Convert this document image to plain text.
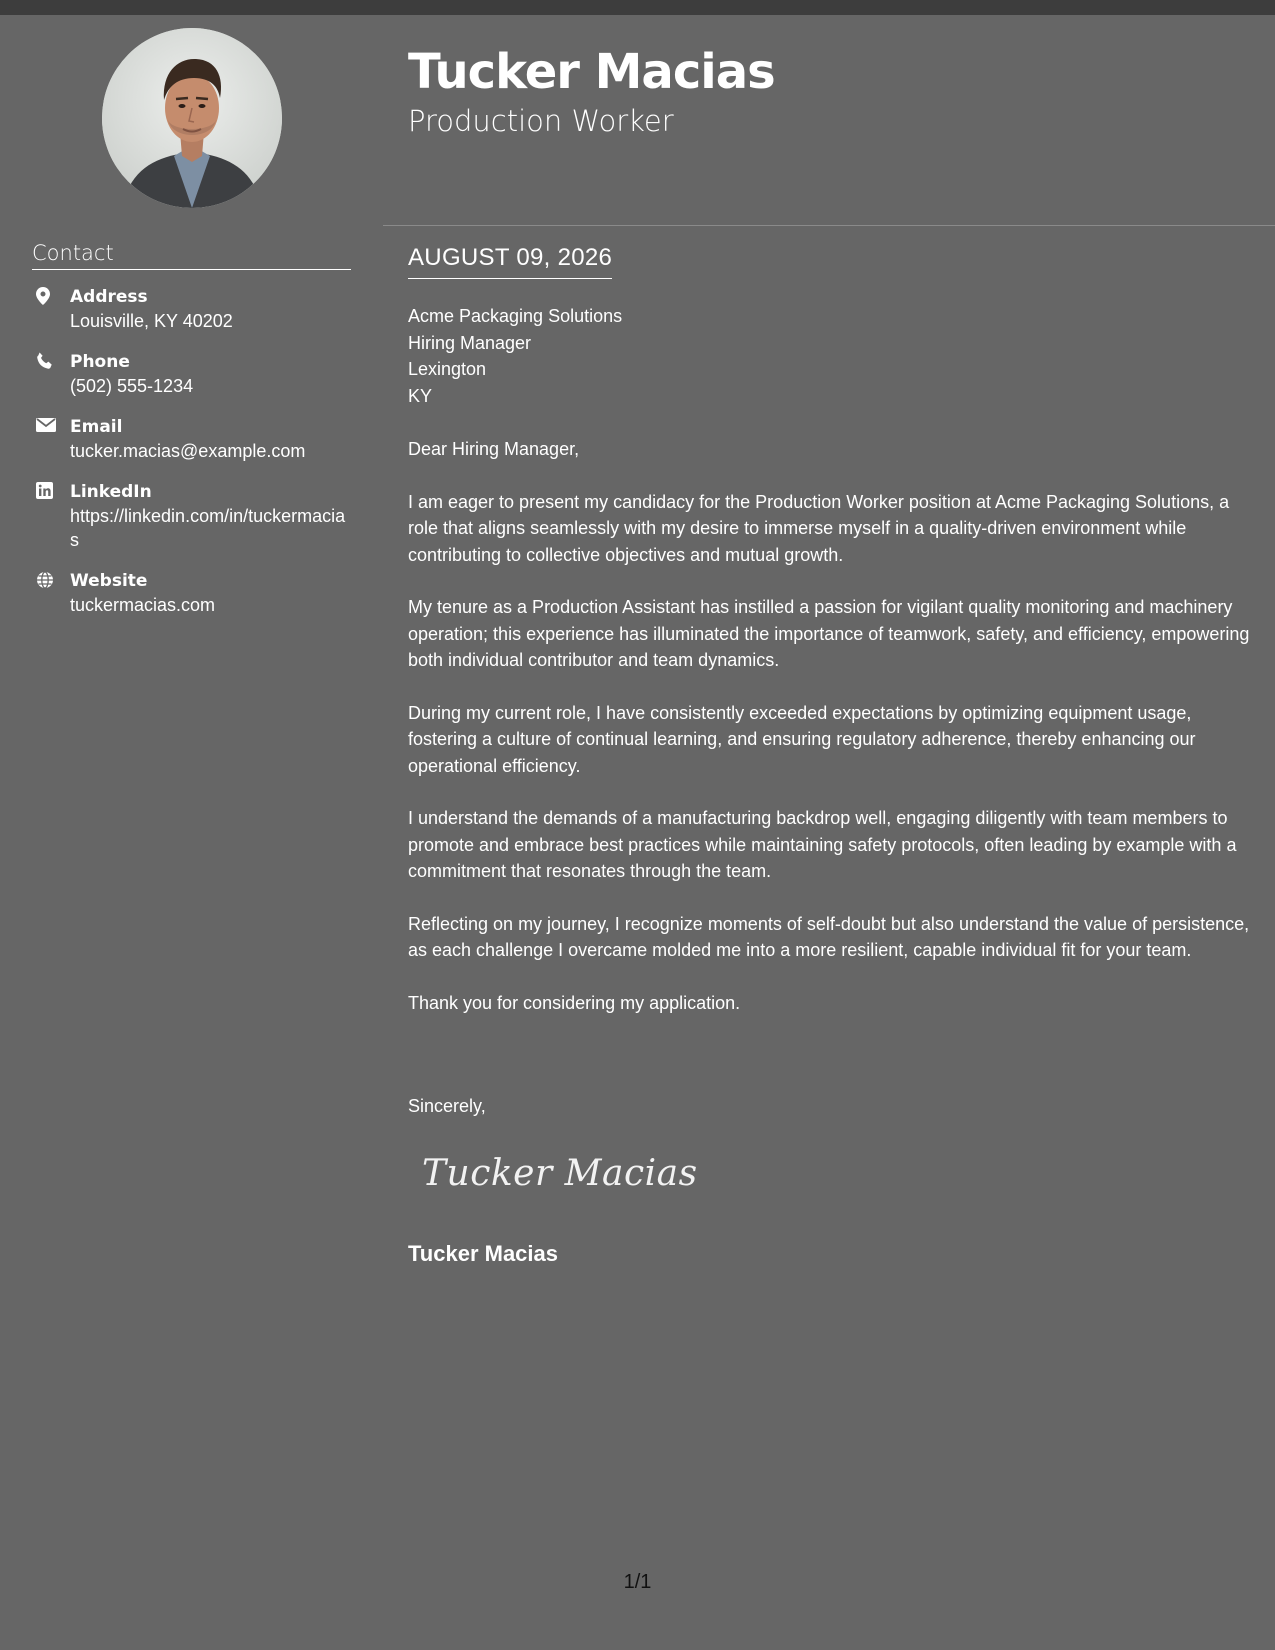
Contact
Address
Louisville, KY 40202
Phone
(502) 555-1234
Email
tucker.macias@example.com
LinkedIn
https://linkedin.com/in/tuckermacias
Website
tuckermacias.com
Tucker Macias
Production Worker
AUGUST 09, 2026
Acme Packaging Solutions
Hiring Manager
Lexington
KY

Dear Hiring Manager,

I am eager to present my candidacy for the Production Worker position at Acme Packaging Solutions, a role that aligns seamlessly with my desire to immerse myself in a quality-driven environment while contributing to collective objectives and mutual growth.

My tenure as a Production Assistant has instilled a passion for vigilant quality monitoring and machinery operation; this experience has illuminated the importance of teamwork, safety, and efficiency, empowering both individual contributor and team dynamics.

During my current role, I have consistently exceeded expectations by optimizing equipment usage, fostering a culture of continual learning, and ensuring regulatory adherence, thereby enhancing our operational efficiency.

I understand the demands of a manufacturing backdrop well, engaging diligently with team members to promote and embrace best practices while maintaining safety protocols, often leading by example with a commitment that resonates through the team.

Reflecting on my journey, I recognize moments of self-doubt but also understand the value of persistence, as each challenge I overcame molded me into a more resilient, capable individual fit for your team.

Thank you for considering my application.

Sincerely,
Tucker Macias
Tucker Macias
1/1
